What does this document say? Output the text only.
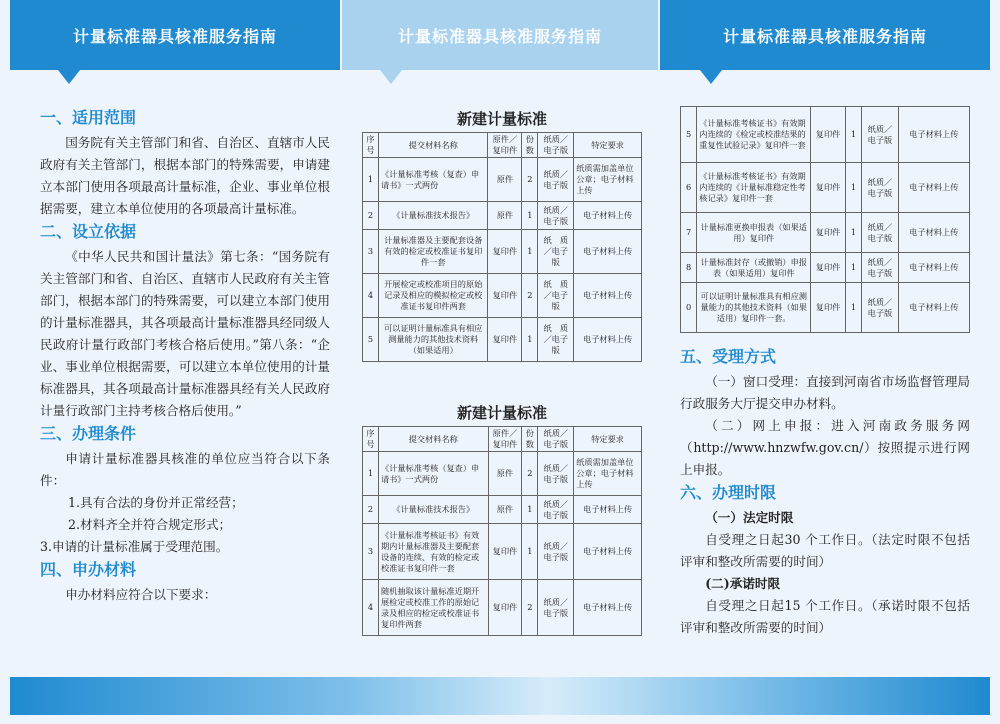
计量标准器具核准服务指南	计量标准器具核准服务指南	计量标准器具核准服务指南
一、适用范围

国务院有关主管部门和省、自治区、直辖市人民政府有关主管部门，根据本部门的特殊需要，申请建立本部门使用各项最高计量标准，企业、事业单位根据需要，建立本单位使用的各项最高计量标准。

二、设立依据

《中华人民共和国计量法》第七条：“国务院有关主管部门和省、自治区、直辖市人民政府有关主管部门，根据本部门的特殊需要，可以建立本部门使用的计量标准器具，其各项最高计量标准器具经同级人民政府计量行政部门考核合格后使用。”第八条：“企业、事业单位根据需要，可以建立本单位使用的计量标准器具，其各项最高计量标准器具经有关人民政府计量行政部门主持考核合格后使用。”

三、办理条件

申请计量标准器具核准的单位应当符合以下条件：

1.具有合法的身份并正常经营；

2.材料齐全并符合规定形式；

3.申请的计量标准属于受理范围。

四、申办材料

申办材料应符合以下要求：

新建计量标准
序号	提交材料名称	原件／复印件	份数	纸质／电子版	特定要求
1	《计量标准考核（复查）申请书》一式两份	原件	2	纸质／电子版	纸质需加盖单位公章；电子材料上传
2	《计量标准技术报告》	原件	1	纸质／电子版	电子材料上传
3	计量标准器及主要配套设备有效的检定或校准证书复印件一套	复印件	1	纸　质／电子版	电子材料上传
4	开展检定或校准项目的原始记录及相应的模拟检定或校准证书复印件两套	复印件	2	纸　质／电子版	电子材料上传
5	可以证明计量标准具有相应测量能力的其他技术资料（如果适用）	复印件	1	纸　质／电子版	电子材料上传
新建计量标准
序号	提交材料名称	原件／复印件	份数	纸质／电子版	特定要求
1	《计量标准考核（复查）申请书》一式两份	原件	2	纸质／电子版	纸质需加盖单位公章；电子材料上传
2	《计量标准技术报告》	原件	1	纸质／电子版	电子材料上传
3	《计量标准考核证书》有效期内计量标准器及主要配套设备的连续、有效的检定或校准证书复印件一套	复印件	1	纸质／电子版	电子材料上传
4	随机抽取该计量标准近期开展检定或校准工作的原始记录及相应的检定或校准证书复印件两套	复印件	2	纸质／电子版	电子材料上传
5	《计量标准考核证书》有效期内连续的《检定或校准结果的重复性试验记录》复印件一套	复印件	1	纸质／电子版	电子材料上传
6	《计量标准考核证书》有效期内连续的《计量标准稳定性考核记录》复印件一套	复印件	1	纸质／电子版	电子材料上传
7	计量标准更换申报表（如果适用）复印件	复印件	1	纸质／电子版	电子材料上传
8	计量标准封存（或撤销）申报表（如果适用）复印件	复印件	1	纸质／电子版	电子材料上传
0	可以证明计量标准具有相应测量能力的其他技术资料（如果适用）复印件一套。	复印件	1	纸质／电子版	电子材料上传
五、受理方式

（一）窗口受理：直接到河南省市场监督管理局行政服务大厅提交申办材料。

（二）网上申报：进入河南政务服务网（http://www.hnzwfw.gov.cn/）按照提示进行网上申报。

六、办理时限

（一）法定时限

自受理之日起30 个工作日。（法定时限不包括评审和整改所需要的时间）

(二)承诺时限

自受理之日起15 个工作日。（承诺时限不包括评审和整改所需要的时间）
